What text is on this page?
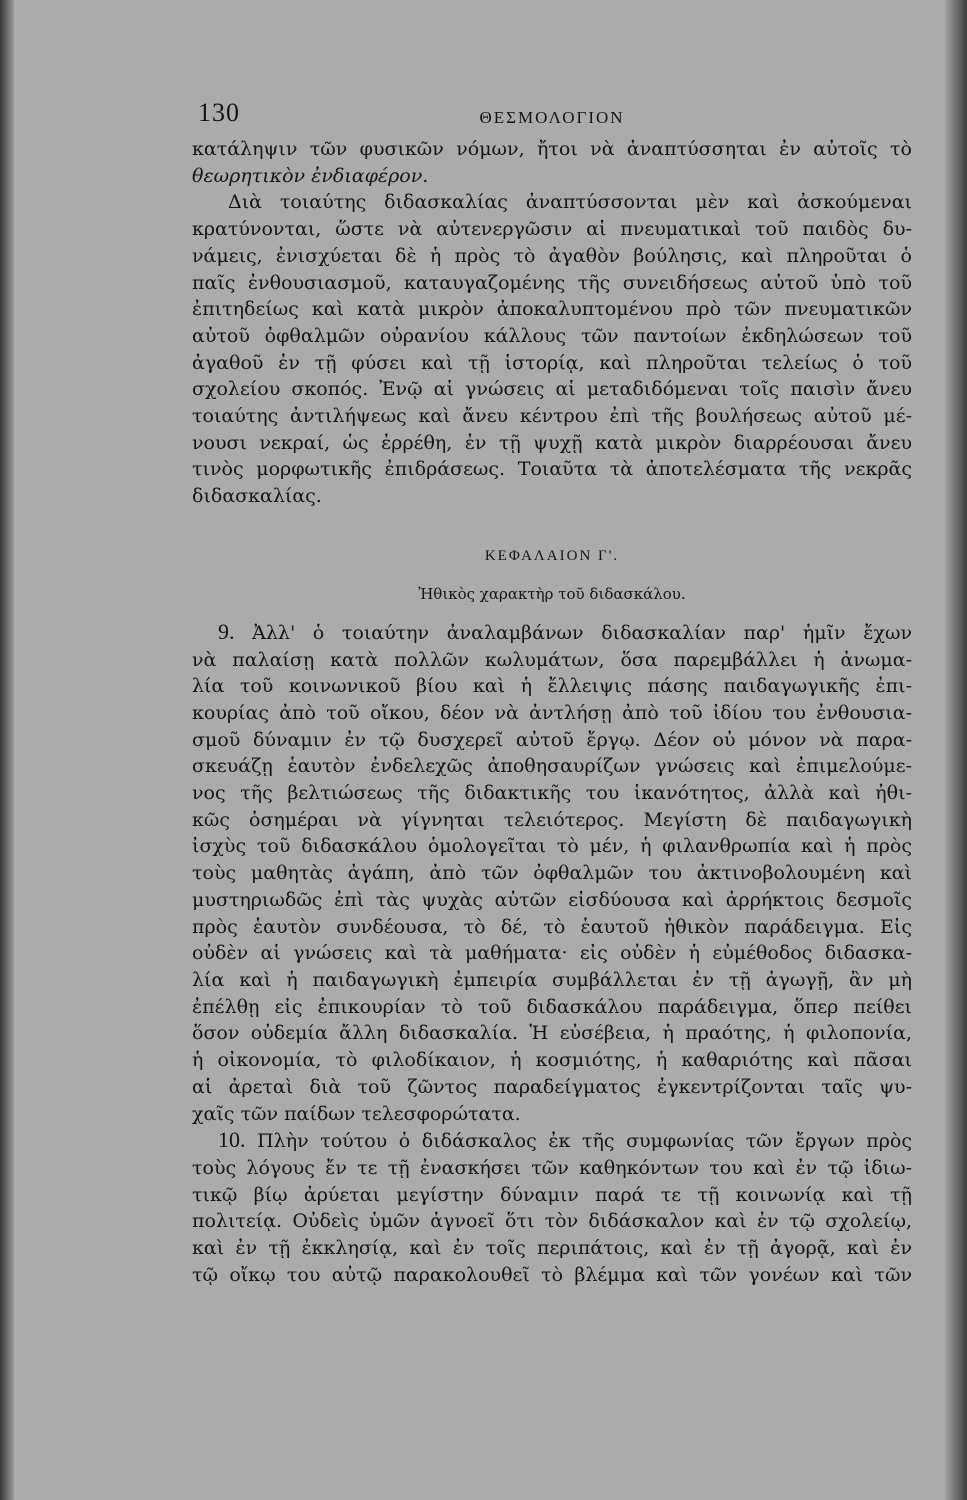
130	ΘΕΣΜΟΛΟΓΙΟΝ
κατάληψιν τῶν φυσικῶν νόμων, ἤτοι νὰ ἀναπτύσσηται ἐν αὐτοῖς τὸ
θεωρητικὸν ἐνδιαφέρον.
Διὰ τοιαύτης διδασκαλίας ἀναπτύσσονται μὲν καὶ ἀσκούμεναι
κρατύνονται, ὥστε νὰ αὐτενεργῶσιν αἱ πνευματικαὶ τοῦ παιδὸς δυ-
νάμεις, ἐνισχύεται δὲ ἡ πρὸς τὸ ἀγαθὸν βούλησις, καὶ πληροῦται ὁ
παῖς ἐνθουσιασμοῦ, καταυγαζομένης τῆς συνειδήσεως αὐτοῦ ὑπὸ τοῦ
ἐπιτηδείως καὶ κατὰ μικρὸν ἀποκαλυπτομένου πρὸ τῶν πνευματικῶν
αὐτοῦ ὀφθαλμῶν οὐρανίου κάλλους τῶν παντοίων ἐκδηλώσεων τοῦ
ἀγαθοῦ ἐν τῇ φύσει καὶ τῇ ἱστορίᾳ, καὶ πληροῦται τελείως ὁ τοῦ
σχολείου σκοπός. Ἐνῷ αἱ γνώσεις αἱ μεταδιδόμεναι τοῖς παισὶν ἄνευ
τοιαύτης ἀντιλήψεως καὶ ἄνευ κέντρου ἐπὶ τῆς βουλήσεως αὐτοῦ μέ-
νουσι νεκραί, ὡς ἐρρέθη, ἐν τῇ ψυχῇ κατὰ μικρὸν διαρρέουσαι ἄνευ
τινὸς μορφωτικῆς ἐπιδράσεως. Τοιαῦτα τὰ ἀποτελέσματα τῆς νεκρᾶς
διδασκαλίας.
ΚΕΦΑΛΑΙΟΝ Γ'.
Ἠθικὸς χαρακτὴρ τοῦ διδασκάλου.
9. Ἀλλ' ὁ τοιαύτην ἀναλαμβάνων διδασκαλίαν παρ' ἡμῖν ἔχων
νὰ παλαίσῃ κατὰ πολλῶν κωλυμάτων, ὅσα παρεμβάλλει ἡ ἀνωμα-
λία τοῦ κοινωνικοῦ βίου καὶ ἡ ἔλλειψις πάσης παιδαγωγικῆς ἐπι-
κουρίας ἀπὸ τοῦ οἴκου, δέον νὰ ἀντλήσῃ ἀπὸ τοῦ ἰδίου του ἐνθουσια-
σμοῦ δύναμιν ἐν τῷ δυσχερεῖ αὐτοῦ ἔργῳ. Δέον οὐ μόνον νὰ παρα-
σκευάζῃ ἑαυτὸν ἐνδελεχῶς ἀποθησαυρίζων γνώσεις καὶ ἐπιμελούμε-
νος τῆς βελτιώσεως τῆς διδακτικῆς του ἱκανότητος, ἀλλὰ καὶ ἠθι-
κῶς ὁσημέραι νὰ γίγνηται τελειότερος. Μεγίστη δὲ παιδαγωγικὴ
ἰσχὺς τοῦ διδασκάλου ὁμολογεῖται τὸ μέν, ἡ φιλανθρωπία καὶ ἡ πρὸς
τοὺς μαθητὰς ἀγάπη, ἀπὸ τῶν ὀφθαλμῶν του ἀκτινοβολουμένη καὶ
μυστηριωδῶς ἐπὶ τὰς ψυχὰς αὐτῶν εἰσδύουσα καὶ ἀρρήκτοις δεσμοῖς
πρὸς ἑαυτὸν συνδέουσα, τὸ δέ, τὸ ἑαυτοῦ ἠθικὸν παράδειγμα. Εἰς
οὐδὲν αἱ γνώσεις καὶ τὰ μαθήματα· εἰς οὐδὲν ἡ εὐμέθοδος διδασκα-
λία καὶ ἡ παιδαγωγικὴ ἐμπειρία συμβάλλεται ἐν τῇ ἀγωγῇ, ἂν μὴ
ἐπέλθῃ εἰς ἐπικουρίαν τὸ τοῦ διδασκάλου παράδειγμα, ὅπερ πείθει
ὅσον οὐδεμία ἄλλη διδασκαλία. Ἡ εὐσέβεια, ἡ πραότης, ἡ φιλοπονία,
ἡ οἰκονομία, τὸ φιλοδίκαιον, ἡ κοσμιότης, ἡ καθαριότης καὶ πᾶσαι
αἱ ἀρεταὶ διὰ τοῦ ζῶντος παραδείγματος ἐγκεντρίζονται ταῖς ψυ-
χαῖς τῶν παίδων τελεσφορώτατα.
10. Πλὴν τούτου ὁ διδάσκαλος ἐκ τῆς συμφωνίας τῶν ἔργων πρὸς
τοὺς λόγους ἔν τε τῇ ἐνασκήσει τῶν καθηκόντων του καὶ ἐν τῷ ἰδιω-
τικῷ βίῳ ἀρύεται μεγίστην δύναμιν παρά τε τῇ κοινωνίᾳ καὶ τῇ
πολιτείᾳ. Οὐδεὶς ὑμῶν ἀγνοεῖ ὅτι τὸν διδάσκαλον καὶ ἐν τῷ σχολείῳ,
καὶ ἐν τῇ ἐκκλησίᾳ, καὶ ἐν τοῖς περιπάτοις, καὶ ἐν τῇ ἀγορᾷ, καὶ ἐν
τῷ οἴκῳ του αὐτῷ παρακολουθεῖ τὸ βλέμμα καὶ τῶν γονέων καὶ τῶν
